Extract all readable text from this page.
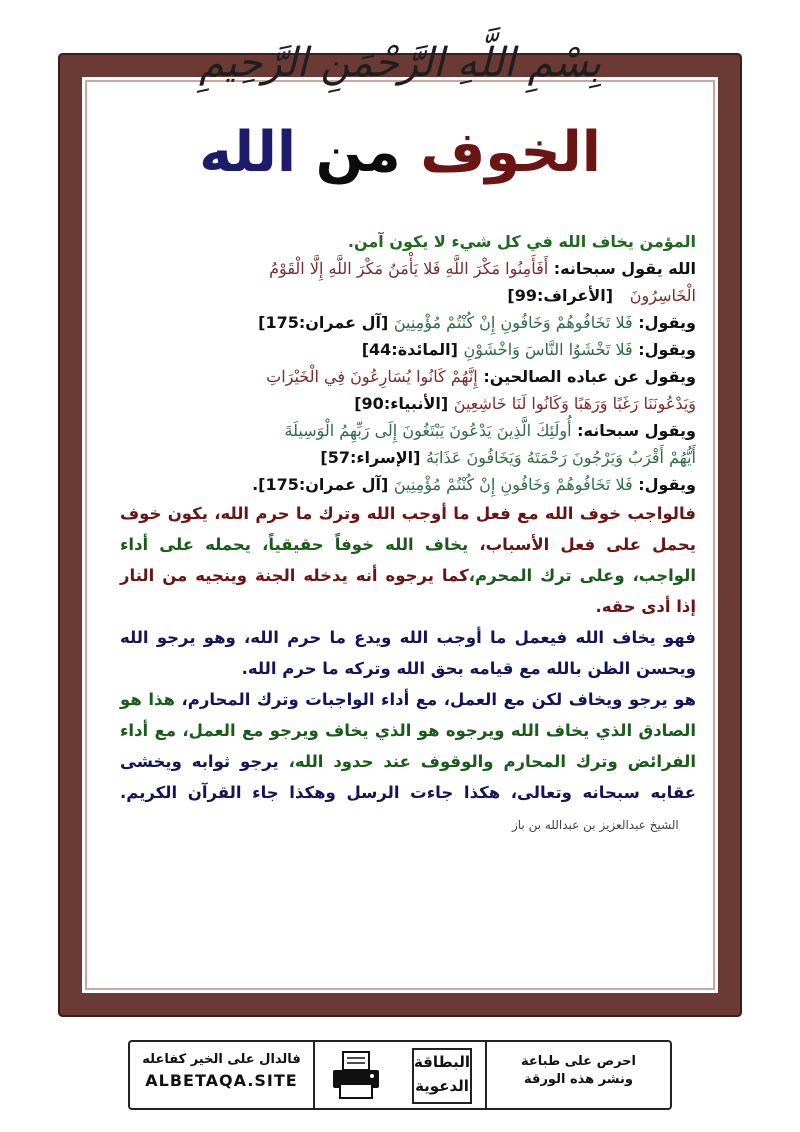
بِسْمِ اللَّهِ الرَّحْمَنِ الرَّحِيمِ
الخوف من الله
المؤمن يخاف الله في كل شيء لا يكون آمن.
الله يقول سبحانه: أَفَأَمِنُوا مَكْرَ اللَّهِ فَلا يَأْمَنُ مَكْرَ اللَّهِ إِلَّا الْقَوْمُ
الْخَاسِرُونَ   [الأعراف:99]
ويقول: فَلا تَخَافُوهُمْ وَخَافُونِ إِنْ كُنْتُمْ مُؤْمِنِينَ [آل عمران:175]
ويقول: فَلا تَخْشَوُا النَّاسَ وَاخْشَوْنِ [المائدة:44]
ويقول عن عباده الصالحين: إِنَّهُمْ كَانُوا يُسَارِعُونَ فِي الْخَيْرَاتِ
وَيَدْعُونَنَا رَغَبًا وَرَهَبًا وَكَانُوا لَنَا خَاشِعِينَ [الأنبياء:90]
ويقول سبحانه: أُولَئِكَ الَّذِينَ يَدْعُونَ يَبْتَغُونَ إِلَى رَبِّهِمُ الْوَسِيلَةَ
أَيُّهُمْ أَقْرَبُ وَيَرْجُونَ رَحْمَتَهُ وَيَخَافُونَ عَذَابَهُ [الإسراء:57]
ويقول: فَلا تَخَافُوهُمْ وَخَافُونِ إِنْ كُنْتُمْ مُؤْمِنِينَ [آل عمران:175].
فالواجب خوف الله مع فعل ما أوجب الله وترك ما حرم الله، يكون خوف يحمل على فعل الأسباب، يخاف الله خوفاً حقيقياً، يحمله على أداء الواجب، وعلى ترك المحرم،كما يرجوه أنه يدخله الجنة وينجيه من النار إذا أدى حقه.
فهو يخاف الله فيعمل ما أوجب الله ويدع ما حرم الله، وهو يرجو الله ويحسن الظن بالله مع قيامه بحق الله وتركه ما حرم الله.
هو يرجو ويخاف لكن مع العمل، مع أداء الواجبات وترك المحارم، هذا هو الصادق الذي يخاف الله ويرجوه هو الذي يخاف ويرجو مع العمل، مع أداء الفرائض وترك المحارم والوقوف عند حدود الله، يرجو ثوابه ويخشى عقابه سبحانه وتعالى، هكذا جاءت الرسل وهكذا جاء القرآن الكريم.    الشيخ عبدالعزيز بن عبدالله بن باز
فالدال على الخير كفاعله
ALBETAQA.SITE
البطاقة
الدعوية
احرص على طباعة
ونشر هذه الورقة
